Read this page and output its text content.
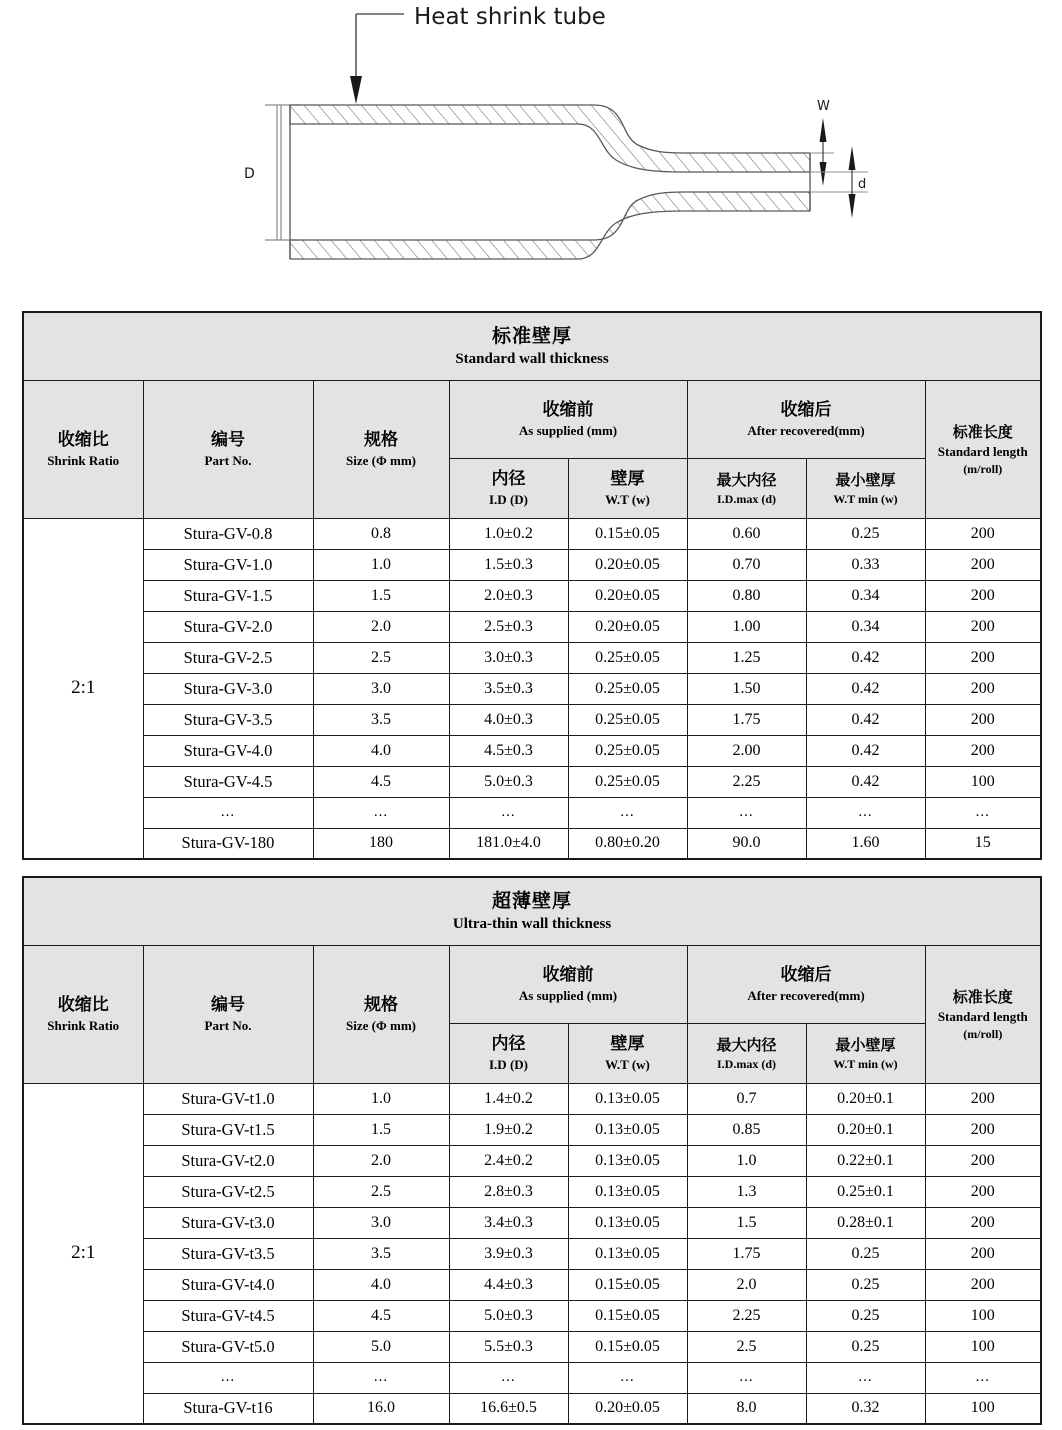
Heat shrink tube
D
W
d
标准壁厚
Standard wall thickness							

收缩比
Shrink Ratio

编号
Part No.

规格
Size (Φ mm)

收缩前
As supplied (mm)

收缩后
After recovered(mm)	标准长度
Standard length
(m/roll)

内径
I.D (D)

壁厚
W.T (w)

最大内径
I.D.max (d)

最小壁厚
W.T min (w)

2:1	Stura-GV-0.8	0.8	1.0±0.2	0.15±0.05	0.60	0.25	200
	Stura-GV-1.0	1.0	1.5±0.3	0.20±0.05	0.70	0.33	200
	Stura-GV-1.5	1.5	2.0±0.3	0.20±0.05	0.80	0.34	200
	Stura-GV-2.0	2.0	2.5±0.3	0.20±0.05	1.00	0.34	200
	Stura-GV-2.5	2.5	3.0±0.3	0.25±0.05	1.25	0.42	200
	Stura-GV-3.0	3.0	3.5±0.3	0.25±0.05	1.50	0.42	200
	Stura-GV-3.5	3.5	4.0±0.3	0.25±0.05	1.75	0.42	200
	Stura-GV-4.0	4.0	4.5±0.3	0.25±0.05	2.00	0.42	200
	Stura-GV-4.5	4.5	5.0±0.3	0.25±0.05	2.25	0.42	100
	...	...	...	...	...	...	...
	Stura-GV-180	180	181.0±4.0	0.80±0.20	90.0	1.60	15
超薄壁厚
Ultra-thin wall thickness							

收缩比
Shrink Ratio

编号
Part No.

规格
Size (Φ mm)

收缩前
As supplied (mm)

收缩后
After recovered(mm)	标准长度
Standard length
(m/roll)

内径
I.D (D)

壁厚
W.T (w)

最大内径
I.D.max (d)

最小壁厚
W.T min (w)

2:1	Stura-GV-t1.0	1.0	1.4±0.2	0.13±0.05	0.7	0.20±0.1	200
	Stura-GV-t1.5	1.5	1.9±0.2	0.13±0.05	0.85	0.20±0.1	200
	Stura-GV-t2.0	2.0	2.4±0.2	0.13±0.05	1.0	0.22±0.1	200
	Stura-GV-t2.5	2.5	2.8±0.3	0.13±0.05	1.3	0.25±0.1	200
	Stura-GV-t3.0	3.0	3.4±0.3	0.13±0.05	1.5	0.28±0.1	200
	Stura-GV-t3.5	3.5	3.9±0.3	0.13±0.05	1.75	0.25	200
	Stura-GV-t4.0	4.0	4.4±0.3	0.15±0.05	2.0	0.25	200
	Stura-GV-t4.5	4.5	5.0±0.3	0.15±0.05	2.25	0.25	100
	Stura-GV-t5.0	5.0	5.5±0.3	0.15±0.05	2.5	0.25	100
	...	...	...	...	...	...	...
	Stura-GV-t16	16.0	16.6±0.5	0.20±0.05	8.0	0.32	100
